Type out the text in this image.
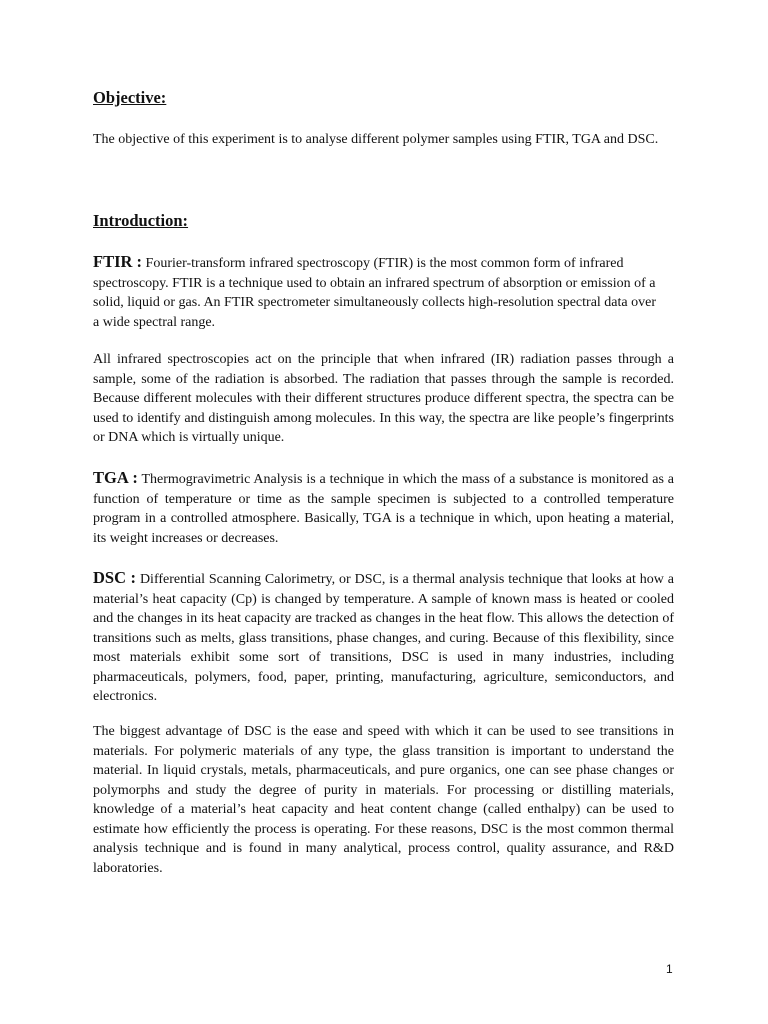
Objective:

The objective of this experiment is to analyse different polymer samples using FTIR, TGA and DSC.

Introduction:

FTIR : Fourier-transform infrared spectroscopy (FTIR) is the most common form of infrared spectroscopy. FTIR is a technique used to obtain an infrared spectrum of absorption or emission of a solid, liquid or gas. An FTIR spectrometer simultaneously collects high-resolution spectral data over a wide spectral range.

All infrared spectroscopies act on the principle that when infrared (IR) radiation passes through a sample, some of the radiation is absorbed. The radiation that passes through the sample is recorded. Because different molecules with their different structures produce different spectra, the spectra can be used to identify and distinguish among molecules. In this way, the spectra are like people’s fingerprints or DNA which is virtually unique.

TGA : Thermogravimetric Analysis is a technique in which the mass of a substance is monitored as a function of temperature or time as the sample specimen is subjected to a controlled temperature program in a controlled atmosphere. Basically, TGA is a technique in which, upon heating a material, its weight increases or decreases.

DSC : Differential Scanning Calorimetry, or DSC, is a thermal analysis technique that looks at how a material’s heat capacity (Cp) is changed by temperature. A sample of known mass is heated or cooled and the changes in its heat capacity are tracked as changes in the heat flow. This allows the detection of transitions such as melts, glass transitions, phase changes, and curing. Because of this flexibility, since most materials exhibit some sort of transitions, DSC is used in many industries, including pharmaceuticals, polymers, food, paper, printing, manufacturing, agriculture, semiconductors, and electronics.

The biggest advantage of DSC is the ease and speed with which it can be used to see transitions in materials. For polymeric materials of any type, the glass transition is important to understand the material. In liquid crystals, metals, pharmaceuticals, and pure organics, one can see phase changes or polymorphs and study the degree of purity in materials. For processing or distilling materials, knowledge of a material’s heat capacity and heat content change (called enthalpy) can be used to estimate how efficiently the process is operating. For these reasons, DSC is the most common thermal analysis technique and is found in many analytical, process control, quality assurance, and R&D laboratories.

1
